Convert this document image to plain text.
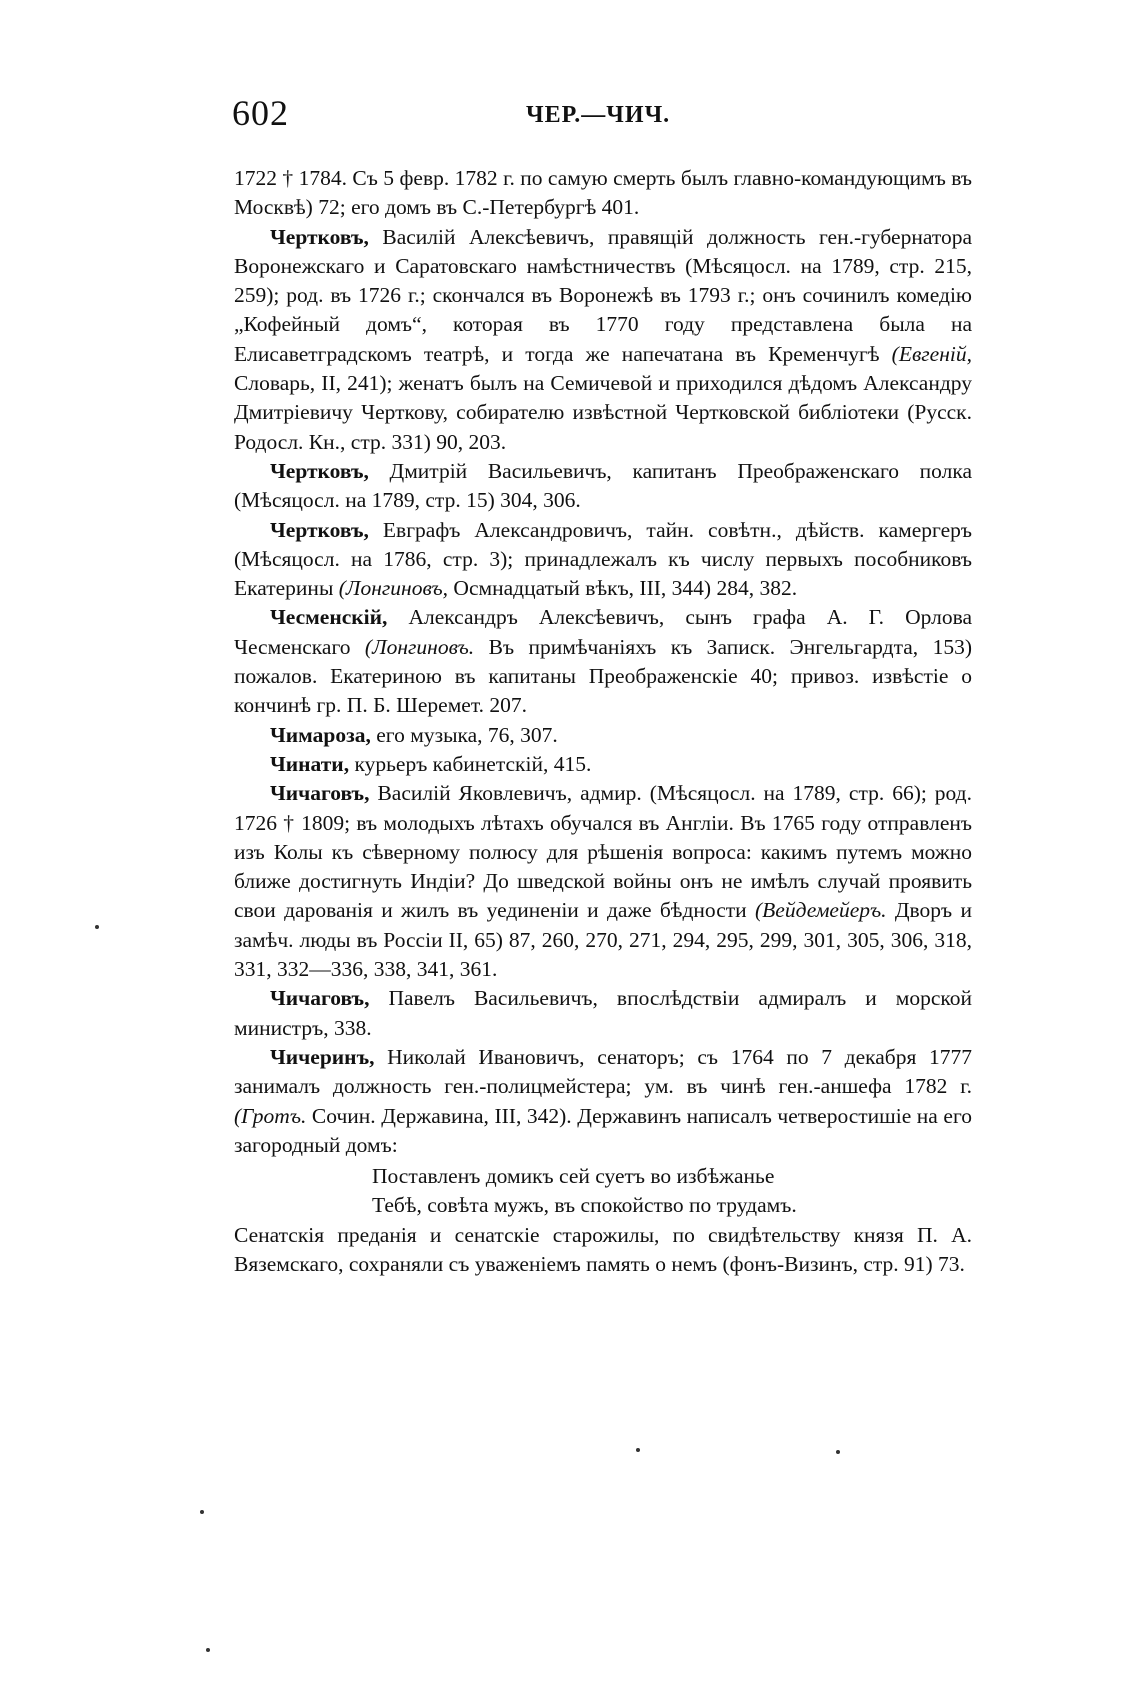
602	ЧЕР.—ЧИЧ.

1722 † 1784. Съ 5 февр. 1782 г. по самую смерть былъ главно-командующимъ въ Москвѣ) 72; его домъ въ С.-Петербургѣ 401.

Чертковъ, Василій Алексѣевичъ, правящій должность ген.-губернатора Воронежскаго и Саратовскаго намѣстничествъ (Мѣсяцосл. на 1789, стр. 215, 259); род. въ 1726 г.; скончался въ Воронежѣ въ 1793 г.; онъ сочинилъ комедію „Кофейный домъ“, которая въ 1770 году представлена была на Елисаветградскомъ театрѣ, и тогда же напечатана въ Кременчугѣ (Евгеній, Словарь, II, 241); женатъ былъ на Семичевой и приходился дѣдомъ Александру Дмитріевичу Черткову, собирателю извѣстной Чертковской библіотеки (Русск. Родосл. Кн., стр. 331) 90, 203.

Чертковъ, Дмитрій Васильевичъ, капитанъ Преображенскаго полка (Мѣсяцосл. на 1789, стр. 15) 304, 306.

Чертковъ, Евграфъ Александровичъ, тайн. совѣтн., дѣйств. камергеръ (Мѣсяцосл. на 1786, стр. 3); принадлежалъ къ числу первыхъ пособниковъ Екатерины (Лонгиновъ, Осмнадцатый вѣкъ, III, 344) 284, 382.

Чесменскій, Александръ Алексѣевичъ, сынъ графа А. Г. Орлова Чесменскаго (Лонгиновъ. Въ примѣчаніяхъ къ Записк. Энгельгардта, 153) пожалов. Екатериною въ капитаны Преображенскіе 40; привоз. извѣстіе о кончинѣ гр. П. Б. Шеремет. 207.

Чимароза, его музыка, 76, 307.

Чинати, курьеръ кабинетскій, 415.

Чичаговъ, Василій Яковлевичъ, адмир. (Мѣсяцосл. на 1789, стр. 66); род. 1726 † 1809; въ молодыхъ лѣтахъ обучался въ Англіи. Въ 1765 году отправленъ изъ Колы къ сѣверному полюсу для рѣшенія вопроса: какимъ путемъ можно ближе достигнуть Индіи? До шведской войны онъ не имѣлъ случай проявить свои дарованія и жилъ въ уединеніи и даже бѣдности (Вейдемейеръ. Дворъ и замѣч. люды въ Россіи II, 65) 87, 260, 270, 271, 294, 295, 299, 301, 305, 306, 318, 331, 332—336, 338, 341, 361.

Чичаговъ, Павелъ Васильевичъ, впослѣдствіи адмиралъ и морской министръ, 338.

Чичеринъ, Николай Ивановичъ, сенаторъ; съ 1764 по 7 декабря 1777 занималъ должность ген.-полицмейстера; ум. въ чинѣ ген.-аншефа 1782 г. (Гротъ. Сочин. Державина, III, 342). Державинъ написалъ четверостишіе на его загородный домъ:

Поставленъ домикъ сей суетъ во избѣжанье
Тебѣ, совѣта мужъ, въ спокойство по трудамъ.

Сенатскія преданія и сенатскіе старожилы, по свидѣтельству князя П. А. Вяземскаго, сохраняли съ уваженіемъ память о немъ (фонъ-Визинъ, стр. 91) 73.
